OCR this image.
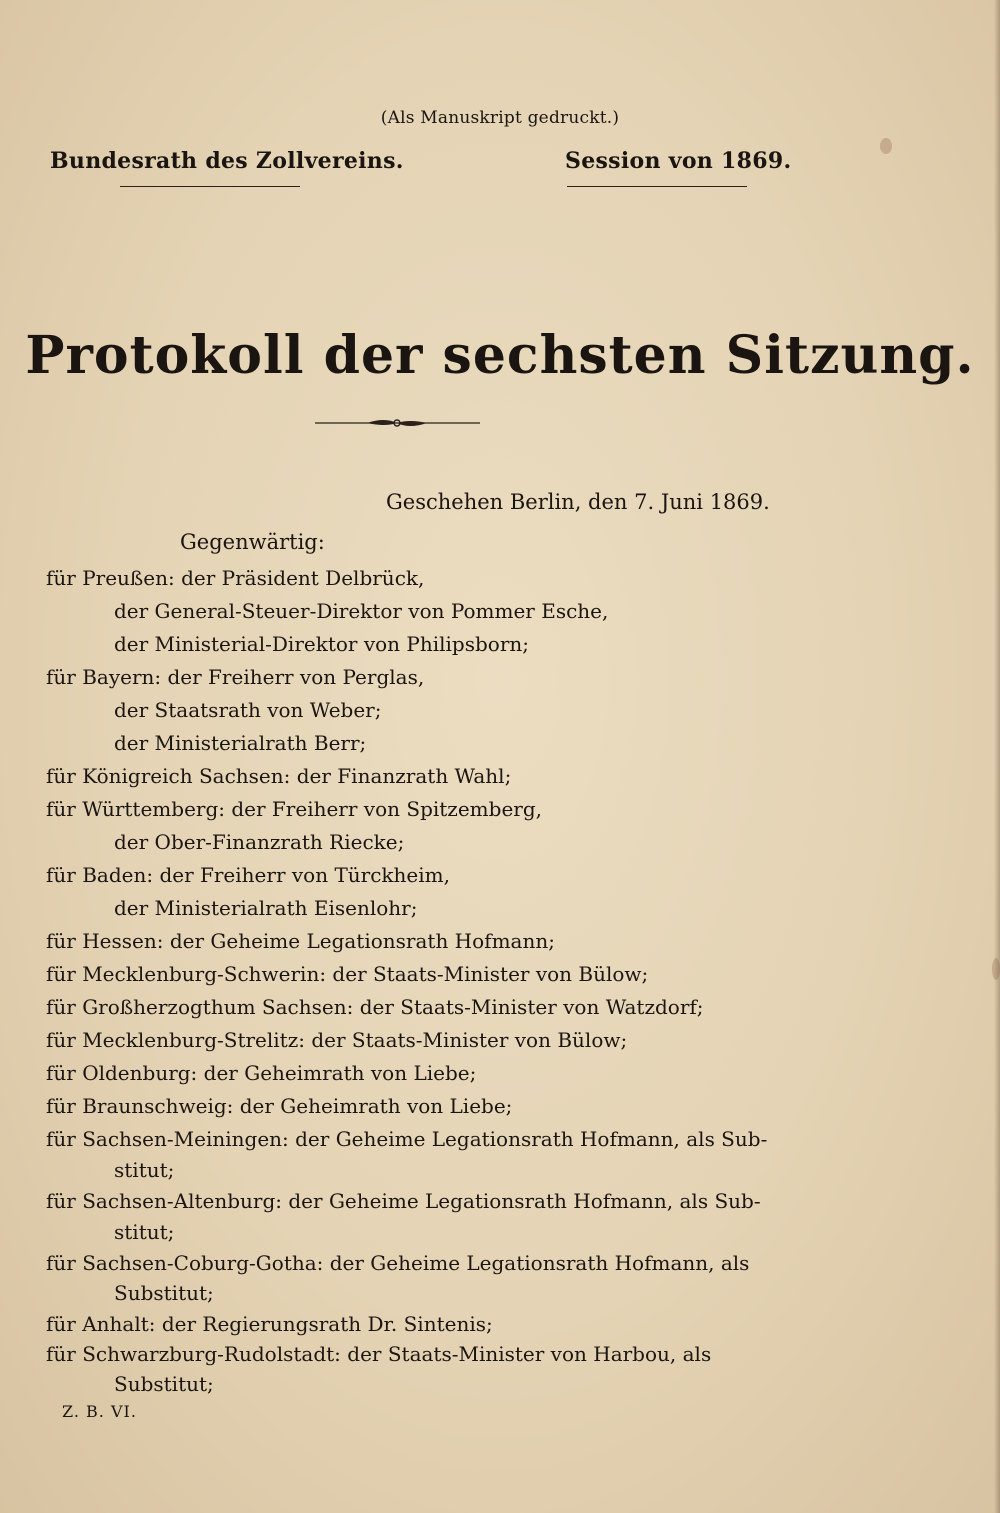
(Als Manuskript gedruckt.)
Bundesrath des Zollvereins.	Session von 1869.
Protokoll der sechsten Sitzung.
Geschehen Berlin, den 7. Juni 1869.
Gegenwärtig:
für Preußen: der Präsident Delbrück,
der General-Steuer-Direktor von Pommer Esche,
der Ministerial-Direktor von Philipsborn;
für Bayern: der Freiherr von Perglas,
der Staatsrath von Weber;
der Ministerialrath Berr;
für Königreich Sachsen: der Finanzrath Wahl;
für Württemberg: der Freiherr von Spitzemberg,
der Ober-Finanzrath Riecke;
für Baden: der Freiherr von Türckheim,
der Ministerialrath Eisenlohr;
für Hessen: der Geheime Legationsrath Hofmann;
für Mecklenburg-Schwerin: der Staats-Minister von Bülow;
für Großherzogthum Sachsen: der Staats-Minister von Watzdorf;
für Mecklenburg-Strelitz: der Staats-Minister von Bülow;
für Oldenburg: der Geheimrath von Liebe;
für Braunschweig: der Geheimrath von Liebe;
für Sachsen-Meiningen: der Geheime Legationsrath Hofmann, als Sub-
stitut;
für Sachsen-Altenburg: der Geheime Legationsrath Hofmann, als Sub-
stitut;
für Sachsen-Coburg-Gotha: der Geheime Legationsrath Hofmann, als
Substitut;
für Anhalt: der Regierungsrath Dr. Sintenis;
für Schwarzburg-Rudolstadt: der Staats-Minister von Harbou, als
Substitut;
Z. B. VI.
